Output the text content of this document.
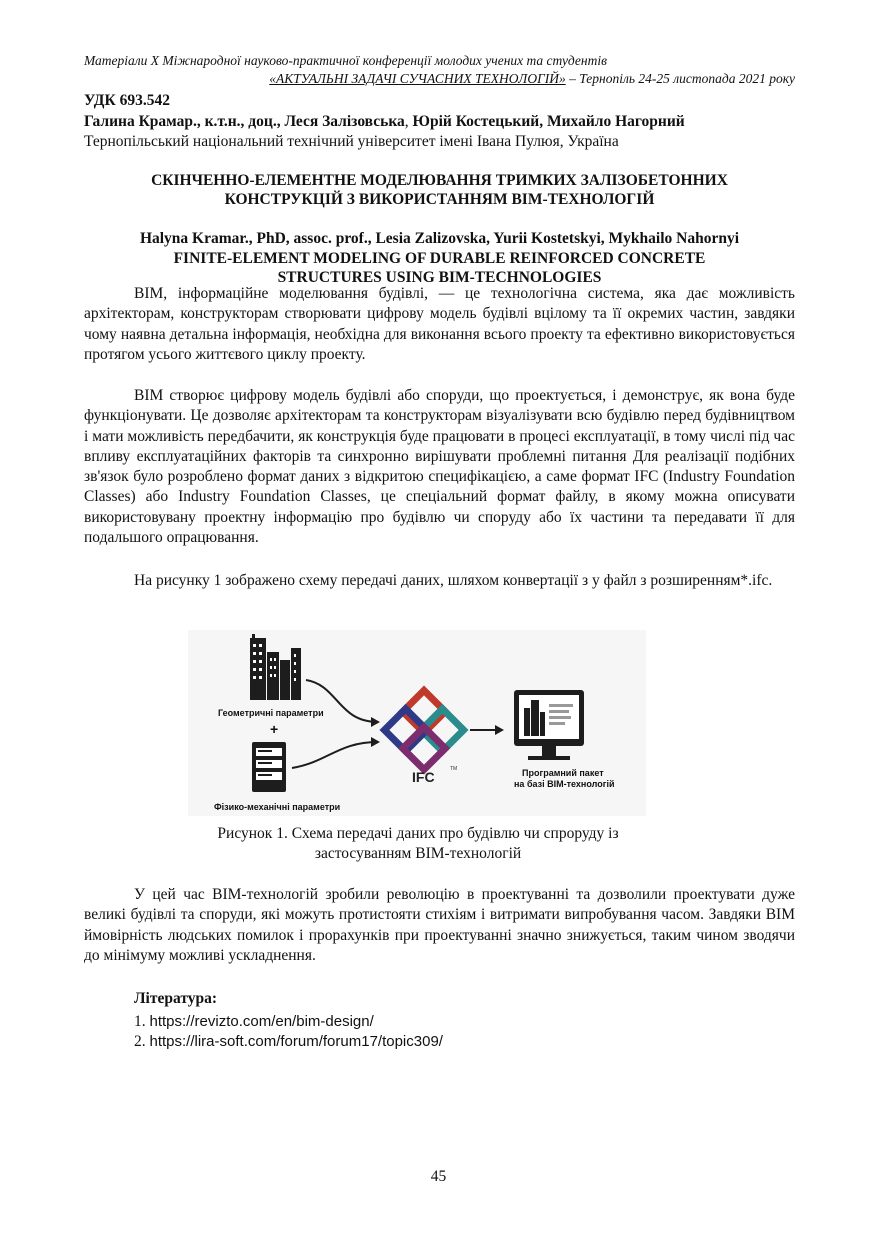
Матеріали X Міжнародної науково-практичної конференції молодих учених та студентів
«АКТУАЛЬНІ ЗАДАЧІ СУЧАСНИХ ТЕХНОЛОГІЙ» – Тернопіль 24-25 листопада 2021 року
УДК 693.542
Галина Крамар., к.т.н., доц., Леся Залізовська, Юрій Костецький, Михайло Нагорний
Тернопільський національний технічний університет імені Івана Пулюя, Україна
СКІНЧЕННО-ЕЛЕМЕНТНЕ МОДЕЛЮВАННЯ ТРИМКИХ ЗАЛІЗОБЕТОННИХ
КОНСТРУКЦІЙ З ВИКОРИСТАННЯМ BIM-ТЕХНОЛОГІЙ
Halyna Kramar., PhD, assoc. prof., Lesia Zalizovska, Yurii Kostetskyi, Mykhailo Nahornyi
FINITE-ELEMENT MODELING OF DURABLE REINFORCED CONCRETE
STRUCTURES USING BIM-TECHNOLOGIES
BIM, інформаційне моделювання будівлі, — це технологічна система, яка дає можливість архітекторам, конструкторам створювати цифрову модель будівлі вцілому та її окремих частин, завдяки чому наявна детальна інформація, необхідна для виконання всього проекту та ефективно використовується протягом усього життєвого циклу проекту.
BIM створює цифрову модель будівлі або споруди, що проектується, і демонструє, як вона буде функціонувати. Це дозволяє архітекторам та конструкторам візуалізувати всю будівлю перед будівництвом і мати можливість передбачити, як конструкція буде працювати в процесі експлуатації, в тому числі під час впливу експлуатаційних факторів та синхронно вирішувати проблемні питання Для реалізації подібних зв'язок було розроблено формат даних з відкритою специфікацією, а саме формат IFC (Industry Foundation Classes) або Industry Foundation Classes, це спеціальний формат файлу, в якому можна описувати використовувану проектну інформацію про будівлю чи споруду або їх частини та передавати її для подальшого опрацювання.
На рисунку 1 зображено схему передачі даних, шляхом конвертації з у файл з розширенням*.ifc.
Геометричні параметри
+
Фізико-механічні параметри
IFC	TM	Програмний пакет
на базі BIM-технологій
Рисунок 1. Схема передачі даних про будівлю чи спроруду із
застосуванням BIM-технологій
У цей час BIM-технологій зробили революцію в проектуванні та дозволили проектувати дуже великі будівлі та споруди, які можуть протистояти стихіям і витримати випробування часом. Завдяки BIM ймовірність людських помилок і прорахунків при проектуванні значно знижується, таким чином зводячи до мінімуму можливі ускладнення.
Література:
1. https://revizto.com/en/bim-design/
2. https://lira-soft.com/forum/forum17/topic309/
45
